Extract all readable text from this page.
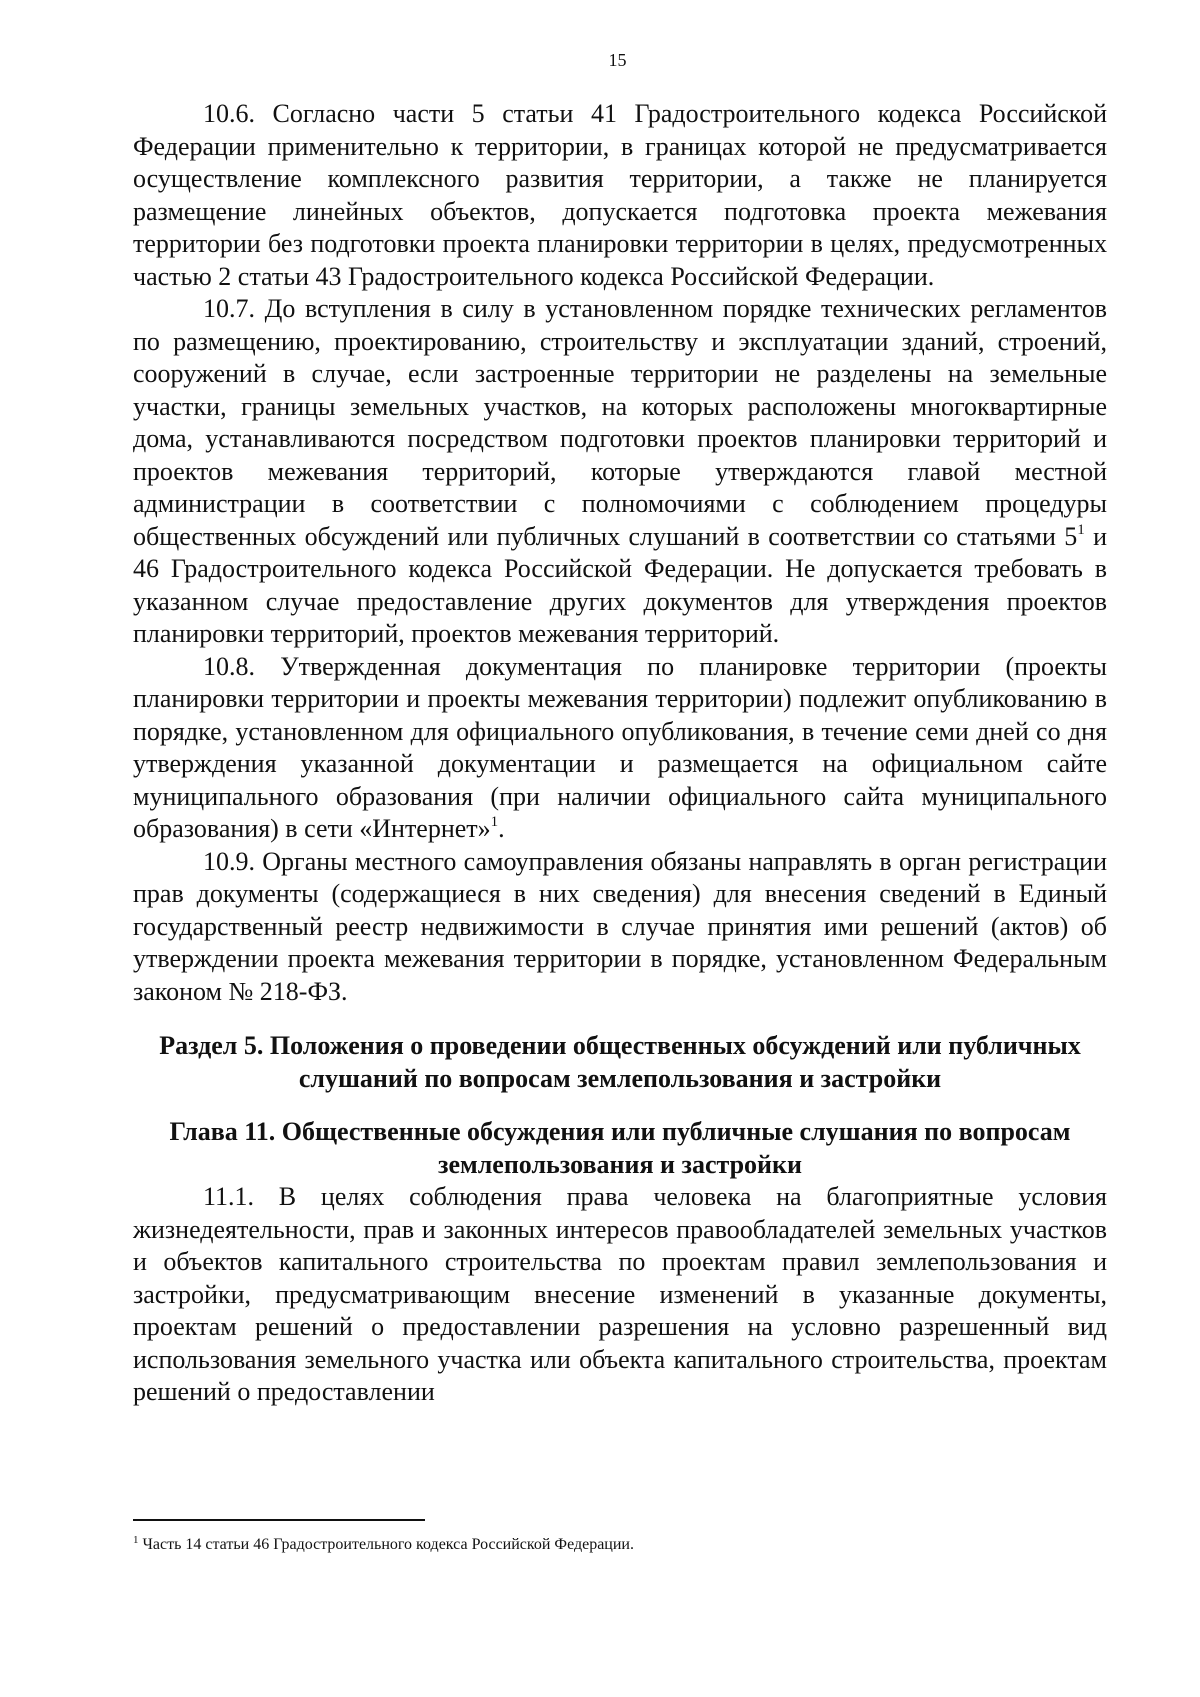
15

10.6. Согласно части 5 статьи 41 Градостроительного кодекса Российской Федерации применительно к территории, в границах которой не предусматривается осуществление комплексного развития территории, а также не планируется размещение линейных объектов, допускается подготовка проекта межевания территории без подготовки проекта планировки территории в целях, предусмотренных частью 2 статьи 43 Градостроительного кодекса Российской Федерации.

10.7. До вступления в силу в установленном порядке технических регламентов по размещению, проектированию, строительству и эксплуатации зданий, строений, сооружений в случае, если застроенные территории не разделены на земельные участки, границы земельных участков, на которых расположены многоквартирные дома, устанавливаются посредством подготовки проектов планировки территорий и проектов межевания территорий, которые утверждаются главой местной администрации в соответствии с полномочиями с соблюдением процедуры общественных обсуждений или публичных слушаний в соответствии со статьями $5^1$ и 46 Градостроительного кодекса Российской Федерации. Не допускается требовать в указанном случае предоставление других документов для утверждения проектов планировки территорий, проектов межевания территорий.

10.8. Утвержденная документация по планировке территории (проекты планировки территории и проекты межевания территории) подлежит опубликованию в порядке, установленном для официального опубликования, в течение семи дней со дня утверждения указанной документации и размещается на официальном сайте муниципального образования (при наличии официального сайта муниципального образования) в сети «Интернет»$^1$.

10.9. Органы местного самоуправления обязаны направлять в орган регистрации прав документы (содержащиеся в них сведения) для внесения сведений в Единый государственный реестр недвижимости в случае принятия ими решений (актов) об утверждении проекта межевания территории в порядке, установленном Федеральным законом № 218-ФЗ.

Раздел 5. Положения о проведении общественных обсуждений или публичных слушаний по вопросам землепользования и застройки
Глава 11. Общественные обсуждения или публичные слушания по вопросам землепользования и застройки

11.1. В целях соблюдения права человека на благоприятные условия жизнедеятельности, прав и законных интересов правообладателей земельных участков и объектов капитального строительства по проектам правил землепользования и застройки, предусматривающим внесение изменений в указанные документы, проектам решений о предоставлении разрешения на условно разрешенный вид использования земельного участка или объекта капитального строительства, проектам решений о предоставлении

$^1$ Часть 14 статьи 46 Градостроительного кодекса Российской Федерации.
